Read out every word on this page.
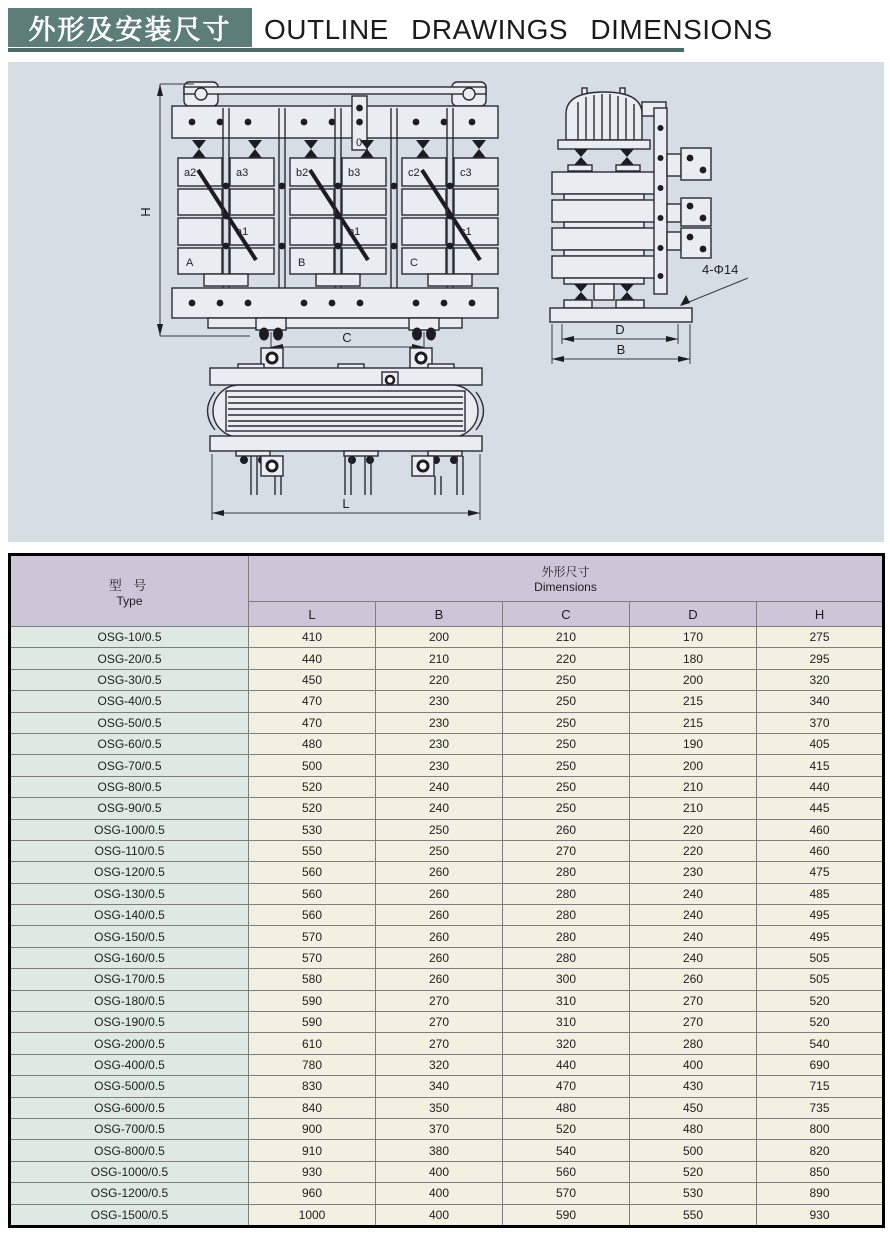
外形及安装尺寸	OUTLINE DRAWINGS DIMENSIONS
0
a2	a3	b2	b3	c2	c3
a1	b1	c1
A	B	C
H
C
4-Φ14
D
B
L
型 号
Type

外形尺寸
Dimensions

	L	B	C	D	H
OSG-10/0.5	410	200	210	170	275
OSG-20/0.5	440	210	220	180	295
OSG-30/0.5	450	220	250	200	320
OSG-40/0.5	470	230	250	215	340
OSG-50/0.5	470	230	250	215	370
OSG-60/0.5	480	230	250	190	405
OSG-70/0.5	500	230	250	200	415
OSG-80/0.5	520	240	250	210	440
OSG-90/0.5	520	240	250	210	445
OSG-100/0.5	530	250	260	220	460
OSG-110/0.5	550	250	270	220	460
OSG-120/0.5	560	260	280	230	475
OSG-130/0.5	560	260	280	240	485
OSG-140/0.5	560	260	280	240	495
OSG-150/0.5	570	260	280	240	495
OSG-160/0.5	570	260	280	240	505
OSG-170/0.5	580	260	300	260	505
OSG-180/0.5	590	270	310	270	520
OSG-190/0.5	590	270	310	270	520
OSG-200/0.5	610	270	320	280	540
OSG-400/0.5	780	320	440	400	690
OSG-500/0.5	830	340	470	430	715
OSG-600/0.5	840	350	480	450	735
OSG-700/0.5	900	370	520	480	800
OSG-800/0.5	910	380	540	500	820
OSG-1000/0.5	930	400	560	520	850
OSG-1200/0.5	960	400	570	530	890
OSG-1500/0.5	1000	400	590	550	930
